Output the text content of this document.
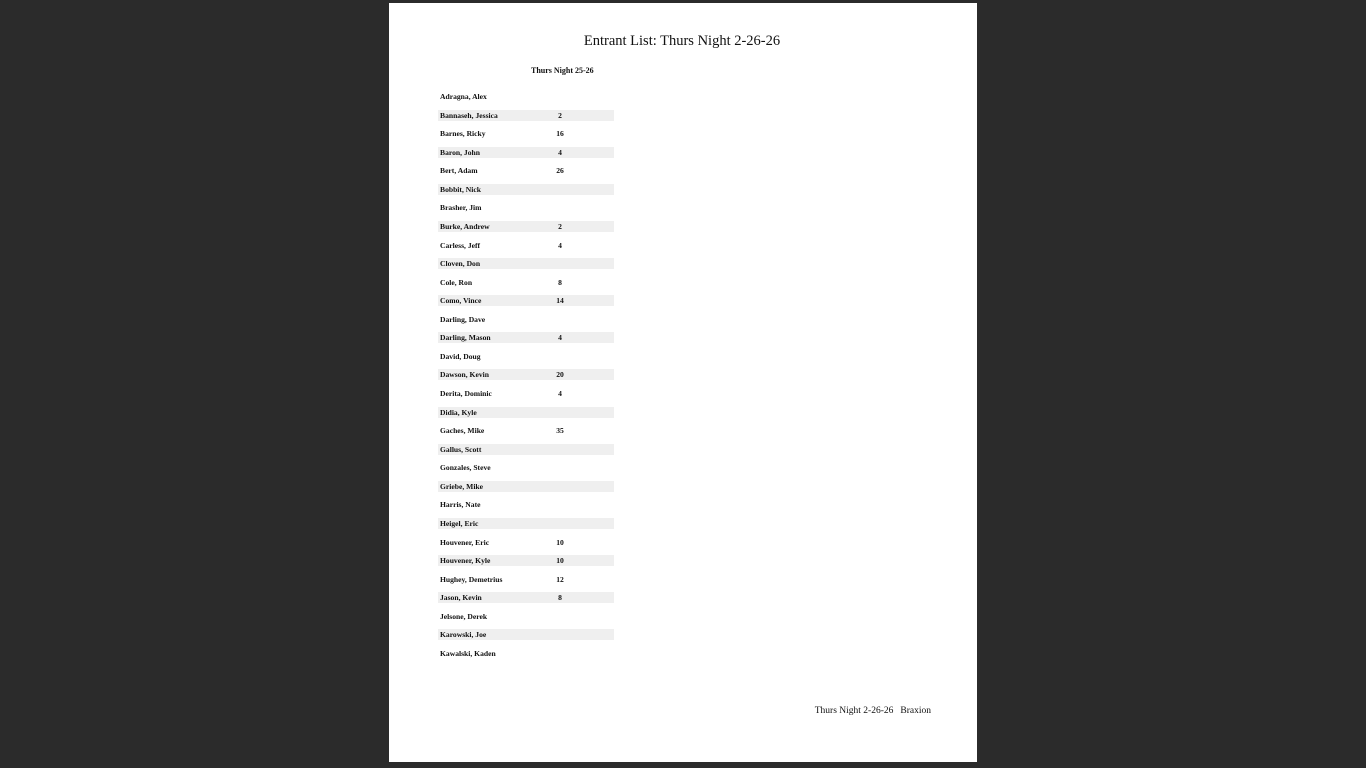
Entrant List: Thurs Night 2-26-26
Thurs Night 25-26
Adragna, Alex
Bannaseh, Jessica	2
Barnes, Ricky	16
Baron, John	4
Bert, Adam	26
Bobbit, Nick
Brasher, Jim
Burke, Andrew	2
Carless, Jeff	4
Cloven, Don
Cole, Ron	8
Como, Vince	14
Darling, Dave
Darling, Mason	4
David, Doug
Dawson, Kevin	20
Derita, Dominic	4
Didia, Kyle
Gaches, Mike	35
Gallus, Scott
Gonzales, Steve
Griebe, Mike
Harris, Nate
Heigel, Eric
Houvener, Eric	10
Houvener, Kyle	10
Hughey, Demetrius	12
Jason, Kevin	8
Jelsone, Derek
Karowski, Joe
Kawalski, Kaden
Thurs Night 2-26-26 Braxion
